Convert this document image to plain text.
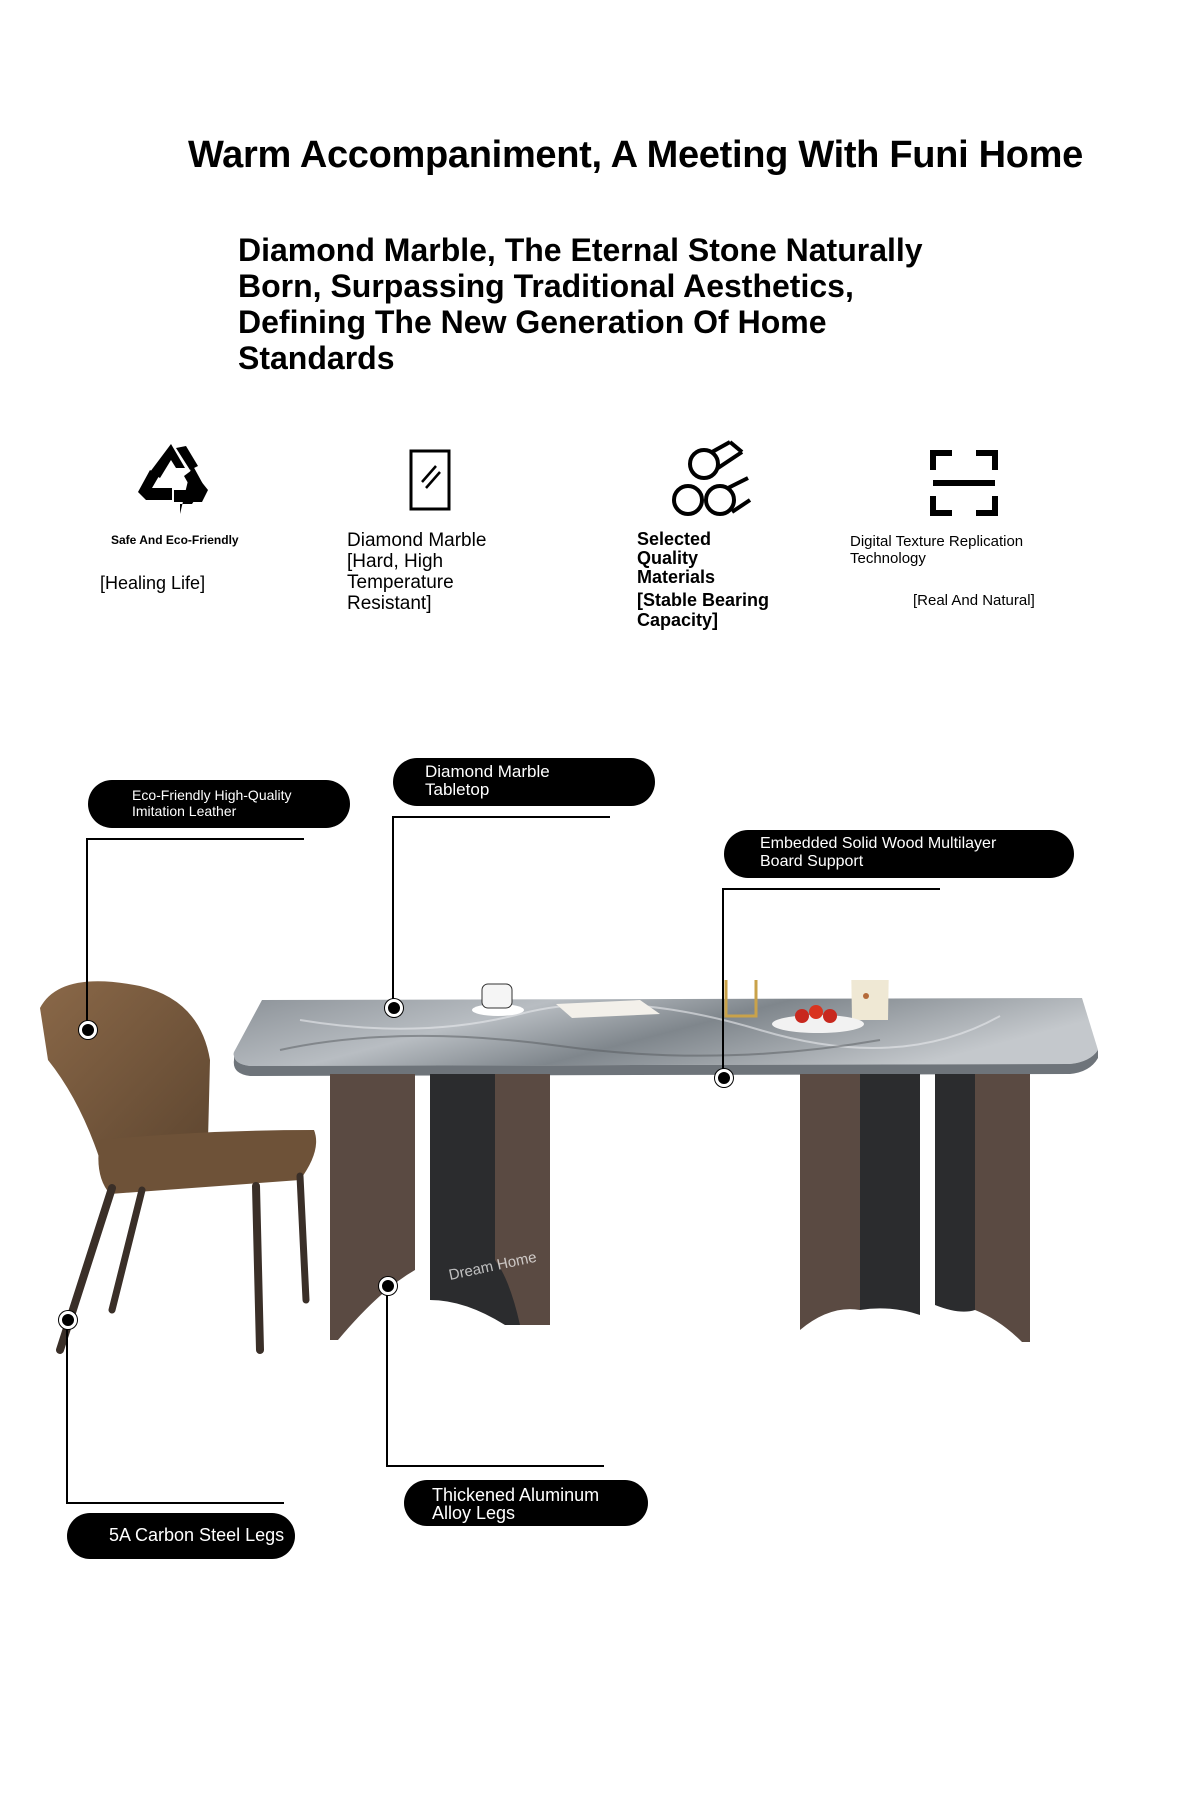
Warm Accompaniment, A Meeting With Funi Home
Diamond Marble, The Eternal Stone Naturally Born, Surpassing Traditional Aesthetics, Defining The New Generation Of Home Standards
Safe And Eco-Friendly
[Healing Life]
Diamond Marble
[Hard, High Temperature Resistant]
Selected Quality Materials
[Stable Bearing Capacity]
Digital Texture Replication Technology
[Real And Natural]
Dream Home
Eco-Friendly High-Quality Imitation Leather
Diamond Marble Tabletop
Embedded Solid Wood Multilayer Board Support
5A Carbon Steel Legs
Thickened Aluminum Alloy Legs
